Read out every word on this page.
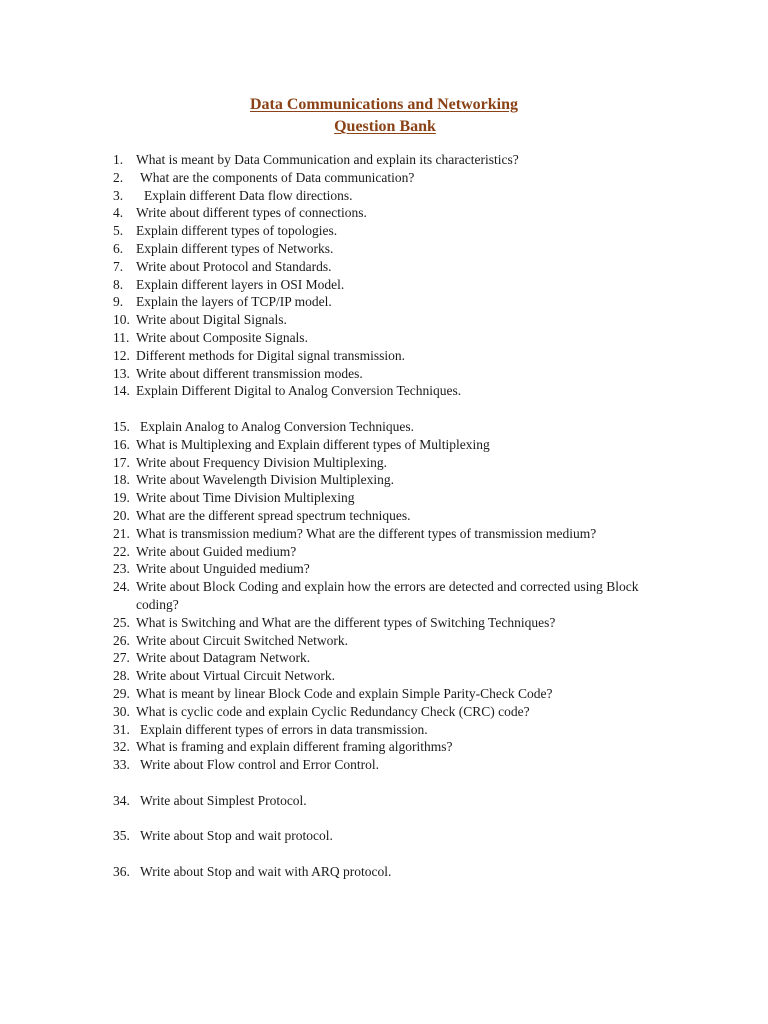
Data Communications and Networking
Question Bank
1. What is meant by Data Communication and explain its characteristics?
2. What are the components of Data communication?
3. Explain different Data flow directions.
4. Write about different types of connections.
5. Explain different types of topologies.
6. Explain different types of Networks.
7. Write about Protocol and Standards.
8. Explain different layers in OSI Model.
9. Explain the layers of TCP/IP model.
10. Write about Digital Signals.
11. Write about Composite Signals.
12. Different methods for Digital signal transmission.
13. Write about different transmission modes.
14. Explain Different Digital to Analog Conversion Techniques.
15. Explain Analog to Analog Conversion Techniques.
16. What is Multiplexing and Explain different types of Multiplexing
17. Write about Frequency Division Multiplexing.
18. Write about Wavelength Division Multiplexing.
19. Write about Time Division Multiplexing
20. What are the different spread spectrum techniques.
21. What is transmission medium? What are the different types of transmission medium?
22. Write about Guided medium?
23. Write about Unguided medium?
24. Write about Block Coding and explain how the errors are detected and corrected using Block coding?
25. What is Switching and What are the different types of Switching Techniques?
26. Write about Circuit Switched Network.
27. Write about Datagram Network.
28. Write about Virtual Circuit Network.
29. What is meant by linear Block Code and explain Simple Parity-Check Code?
30. What is cyclic code and explain Cyclic Redundancy Check (CRC) code?
31. Explain different types of errors in data transmission.
32. What is framing and explain different framing algorithms?
33. Write about Flow control and Error Control.
34. Write about Simplest Protocol.
35. Write about Stop and wait protocol.
36. Write about Stop and wait with ARQ protocol.
